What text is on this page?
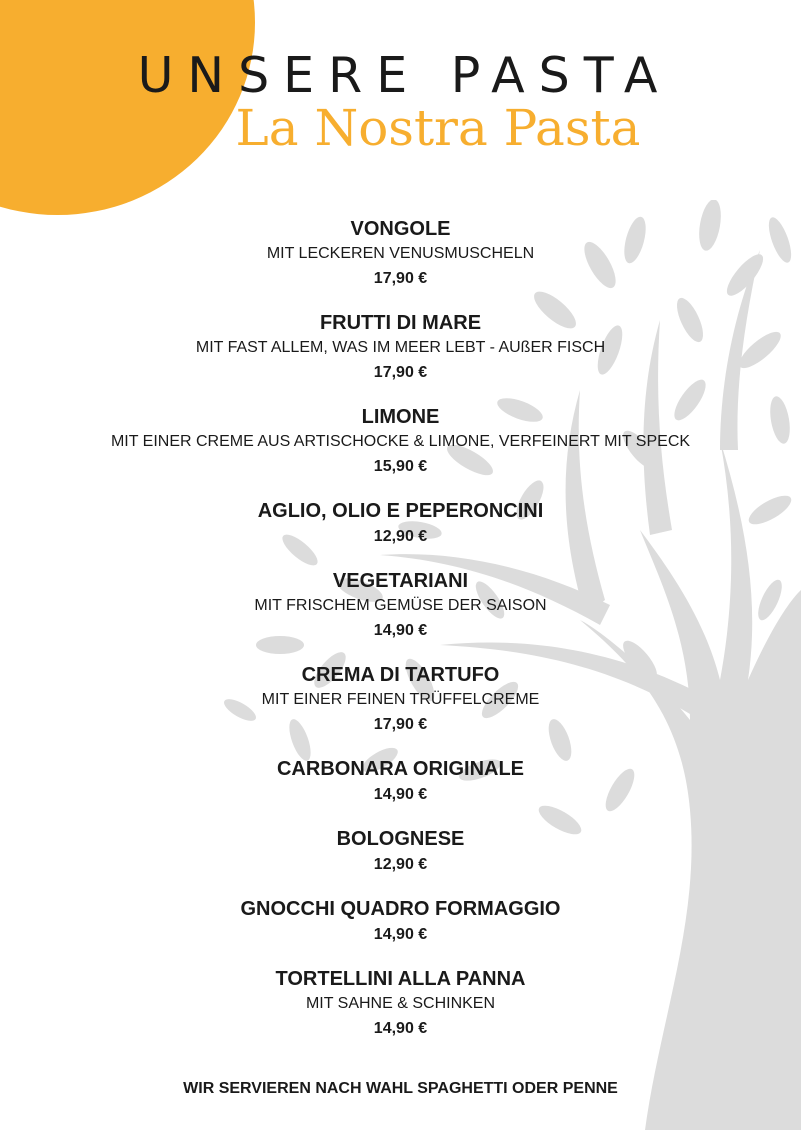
UNSERE PASTA
La Nostra Pasta
VONGOLE
MIT LECKEREN VENUSMUSCHELN
17,90 €
FRUTTI DI MARE
MIT FAST ALLEM, WAS IM MEER LEBT - AUßER FISCH
17,90 €
LIMONE
MIT EINER CREME AUS ARTISCHOCKE & LIMONE, VERFEINERT MIT SPECK
15,90 €
AGLIO, OLIO E PEPERONCINI
12,90 €
VEGETARIANI
MIT FRISCHEM GEMÜSE DER SAISON
14,90 €
CREMA DI TARTUFO
MIT EINER FEINEN TRÜFFELCREME
17,90 €
CARBONARA ORIGINALE
14,90 €
BOLOGNESE
12,90 €
GNOCCHI QUADRO FORMAGGIO
14,90 €
TORTELLINI ALLA PANNA
MIT SAHNE & SCHINKEN
14,90 €
WIR SERVIEREN NACH WAHL SPAGHETTI ODER PENNE
